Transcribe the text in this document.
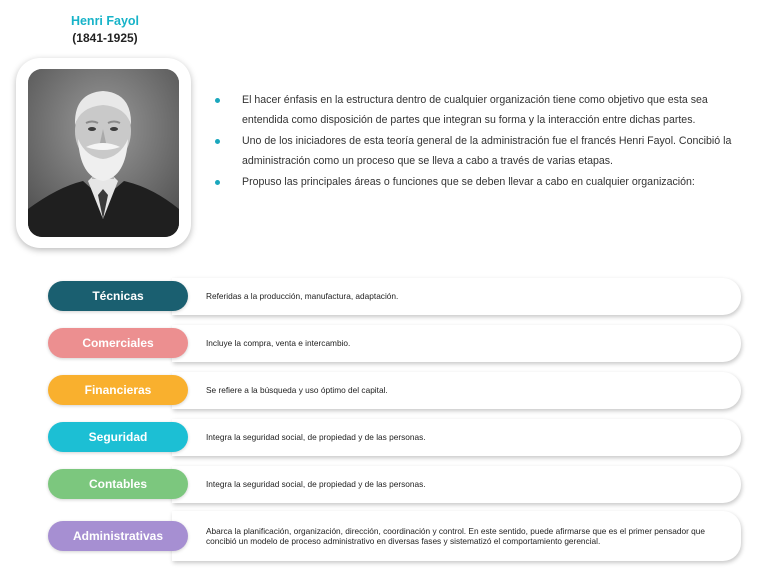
Henri Fayol
(1841-1925)
El hacer énfasis en la estructura dentro de cualquier organización tiene como objetivo que esta sea entendida como disposición de partes que integran su forma y la interacción entre dichas partes.
Uno de los iniciadores de esta teoría general de la administración fue el francés Henri Fayol. Concibió la administración como un proceso que se lleva a cabo a través de varias etapas.
Propuso las principales áreas o funciones que se deben llevar a cabo en cualquier organización:
Referidas a la producción, manufactura, adaptación.
Técnicas
Incluye la compra, venta e intercambio.
Comerciales
Se refiere a la búsqueda y uso óptimo del capital.
Financieras
Integra la seguridad social, de propiedad y de las personas.
Seguridad
Integra la seguridad social, de propiedad y de las personas.
Contables
Abarca la planificación, organización, dirección, coordinación y control. En este sentido, puede afirmarse que es el primer pensador que concibió un modelo de proceso administrativo en diversas fases y sistematizó el comportamiento gerencial.
Administrativas
